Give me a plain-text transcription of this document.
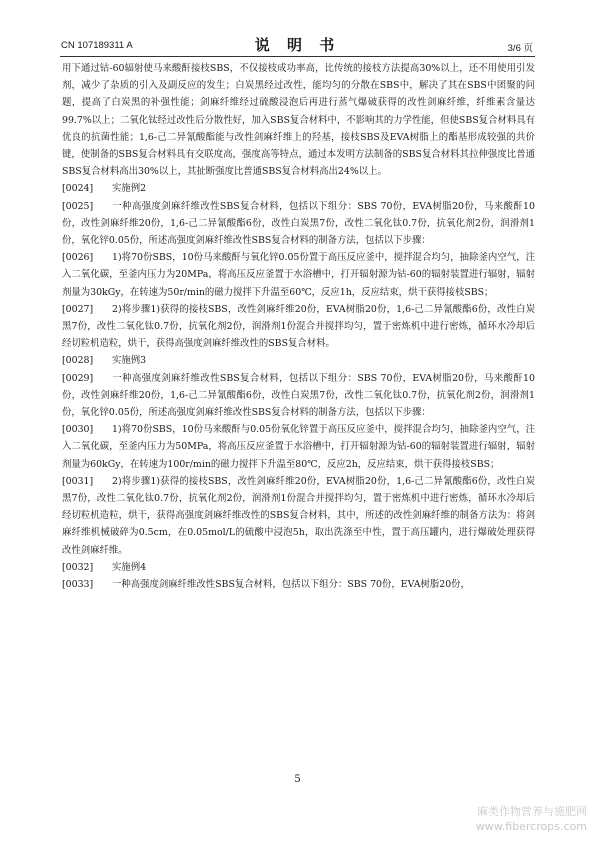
CN 107189311 A	说 明 书	3/6 页

用下通过钴-60辐射使马来酸酐接枝SBS，不仅接枝成功率高，比传统的接枝方法提高30%以上，还不用使用引发剂，减少了杂质的引入及副反应的发生；白炭黑经过改性，能均匀的分散在SBS中，解决了其在SBS中团聚的问题，提高了白炭黑的补强性能；剑麻纤维经过硫酸浸泡后再进行蒸气爆破获得的改性剑麻纤维，纤维素含量达99.7%以上；二氧化钛经过改性后分散性好，加入SBS复合材料中，不影响其的力学性能，但使SBS复合材料具有优良的抗菌性能；1,6-己二异氰酸酯能与改性剑麻纤维上的羟基，接枝SBS及EVA树脂上的酯基形成较强的共价键，使制备的SBS复合材料具有交联度高，强度高等特点，通过本发明方法制备的SBS复合材料其拉伸强度比普通SBS复合材料高出30%以上，其扯断强度比普通SBS复合材料高出24%以上。

[0024] 实施例2

[0025] 一种高强度剑麻纤维改性SBS复合材料，包括以下组分：SBS 70份，EVA树脂20份，马来酸酐10份，改性剑麻纤维20份，1,6-己二异氰酸酯6份，改性白炭黑7份，改性二氧化钛0.7份，抗氧化剂2份，润滑剂1份，氧化锌0.05份，所述高强度剑麻纤维改性SBS复合材料的制备方法，包括以下步骤：

[0026] 1)将70份SBS，10份马来酸酐与氧化锌0.05份置于高压反应釜中，搅拌混合均匀，抽除釜内空气，注入二氧化碳，至釜内压力为20MPa，将高压反应釜置于水浴槽中，打开辐射源为钴-60的辐射装置进行辐射，辐射剂量为30kGy，在转速为50r/min的磁力搅拌下升温至60℃，反应1h，反应结束，烘干获得接枝SBS；

[0027] 2)将步骤1)获得的接枝SBS，改性剑麻纤维20份，EVA树脂20份，1,6-己二异氰酸酯6份，改性白炭黑7份，改性二氧化钛0.7份，抗氧化剂2份，润滑剂1份混合并搅拌均匀，置于密炼机中进行密炼，循环水冷却后经切粒机造粒，烘干，获得高强度剑麻纤维改性的SBS复合材料。

[0028] 实施例3

[0029] 一种高强度剑麻纤维改性SBS复合材料，包括以下组分：SBS 70份，EVA树脂20份，马来酸酐10份，改性剑麻纤维20份，1,6-己二异氰酸酯6份，改性白炭黑7份，改性二氧化钛0.7份，抗氧化剂2份，润滑剂1份，氧化锌0.05份，所述高强度剑麻纤维改性SBS复合材料的制备方法，包括以下步骤：

[0030] 1)将70份SBS，10份马来酸酐与0.05份氧化锌置于高压反应釜中，搅拌混合均匀，抽除釜内空气，注入二氧化碳，至釜内压力为50MPa，将高压反应釜置于水浴槽中，打开辐射源为钴-60的辐射装置进行辐射，辐射剂量为60kGy，在转速为100r/min的磁力搅拌下升温至80℃，反应2h，反应结束，烘干获得接枝SBS；

[0031] 2)将步骤1)获得的接枝SBS，改性剑麻纤维20份，EVA树脂20份，1,6-己二异氰酸酯6份，改性白炭黑7份，改性二氧化钛0.7份，抗氧化剂2份，润滑剂1份混合并搅拌均匀，置于密炼机中进行密炼，循环水冷却后经切粒机造粒，烘干，获得高强度剑麻纤维改性的SBS复合材料，其中，所述的改性剑麻纤维的制备方法为：将剑麻纤维机械破碎为0.5cm，在0.05mol/L的硫酸中浸泡5h，取出洗涤至中性，置于高压罐内，进行爆破处理获得改性剑麻纤维。

[0032] 实施例4

[0033] 一种高强度剑麻纤维改性SBS复合材料，包括以下组分：SBS 70份，EVA树脂20份，

5
麻类作物营养与施肥网
www.fibercrops.com
